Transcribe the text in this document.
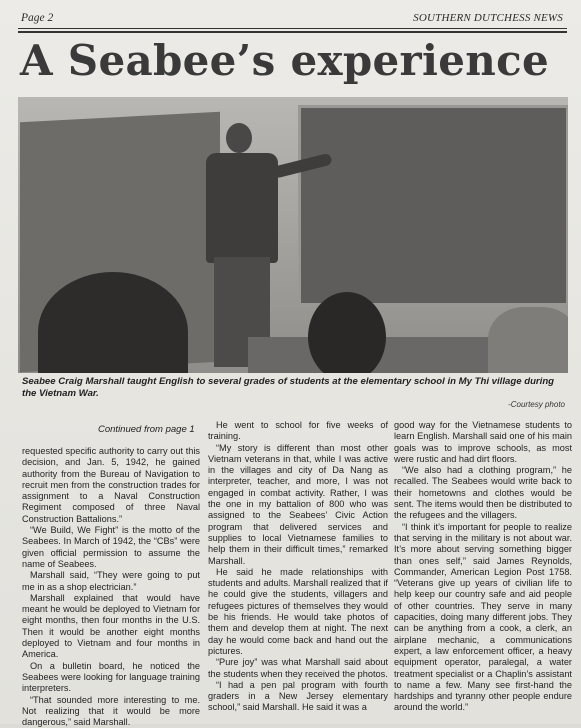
Page 2	SOUTHERN DUTCHESS NEWS
A Seabee’s experience
Seabee Craig Marshall taught English to several grades of students at the elementary school in My Thi village during the Vietnam War.
-Courtesy photo
Continued from page 1

requested specific authority to carry out this decision, and Jan. 5, 1942, he gained authority from the Bureau of Navigation to recruit men from the construction trades for assignment to a Naval Construction Regiment composed of three Naval Construction Battalions.”

“We Build, We Fight” is the motto of the Seabees. In March of 1942, the “CBs” were given official permission to assume the name of Seabees.

Marshall said, “They were going to put me in as a shop electrician.”

Marshall explained that would have meant he would be deployed to Vietnam for eight months, then four months in the U.S. Then it would be another eight months deployed to Vietnam and four months in America.

On a bulletin board, he noticed the Seabees were looking for language training interpreters.

“That sounded more interesting to me. Not realizing that it would be more dangerous,” said Marshall.

He went to school for five weeks of training.

“My story is different than most other Vietnam veterans in that, while I was active in the villages and city of Da Nang as interpreter, teacher, and more, I was not engaged in combat activity. Rather, I was the one in my battalion of 800 who was assigned to the Seabees’ Civic Action program that delivered services and supplies to local Vietnamese families to help them in their difficult times,” remarked Marshall.

He said he made relationships with students and adults. Marshall realized that if he could give the students, villagers and refugees pictures of themselves they would be his friends. He would take photos of them and develop them at night. The next day he would come back and hand out the pictures.

“Pure joy” was what Marshall said about the students when they received the photos.

“I had a pen pal program with fourth graders in a New Jersey elementary school,” said Marshall. He said it was a

good way for the Vietnamese students to learn English. Marshall said one of his main goals was to improve schools, as most were rustic and had dirt floors.

“We also had a clothing program,” he recalled. The Seabees would write back to their hometowns and clothes would be sent. The items would then be distributed to the refugees and the villagers.

“I think it’s important for people to realize that serving in the military is not about war. It’s more about serving something bigger than ones self,” said James Reynolds, Commander, American Legion Post 1758. “Veterans give up years of civilian life to help keep our country safe and aid people of other countries. They serve in many capacities, doing many different jobs. They can be anything from a cook, a clerk, an airplane mechanic, a communications expert, a law enforcement officer, a heavy equipment operator, paralegal, a water treatment specialist or a Chaplin’s assistant to name a few. Many see first-hand the hardships and tyranny other people endure around the world.”
